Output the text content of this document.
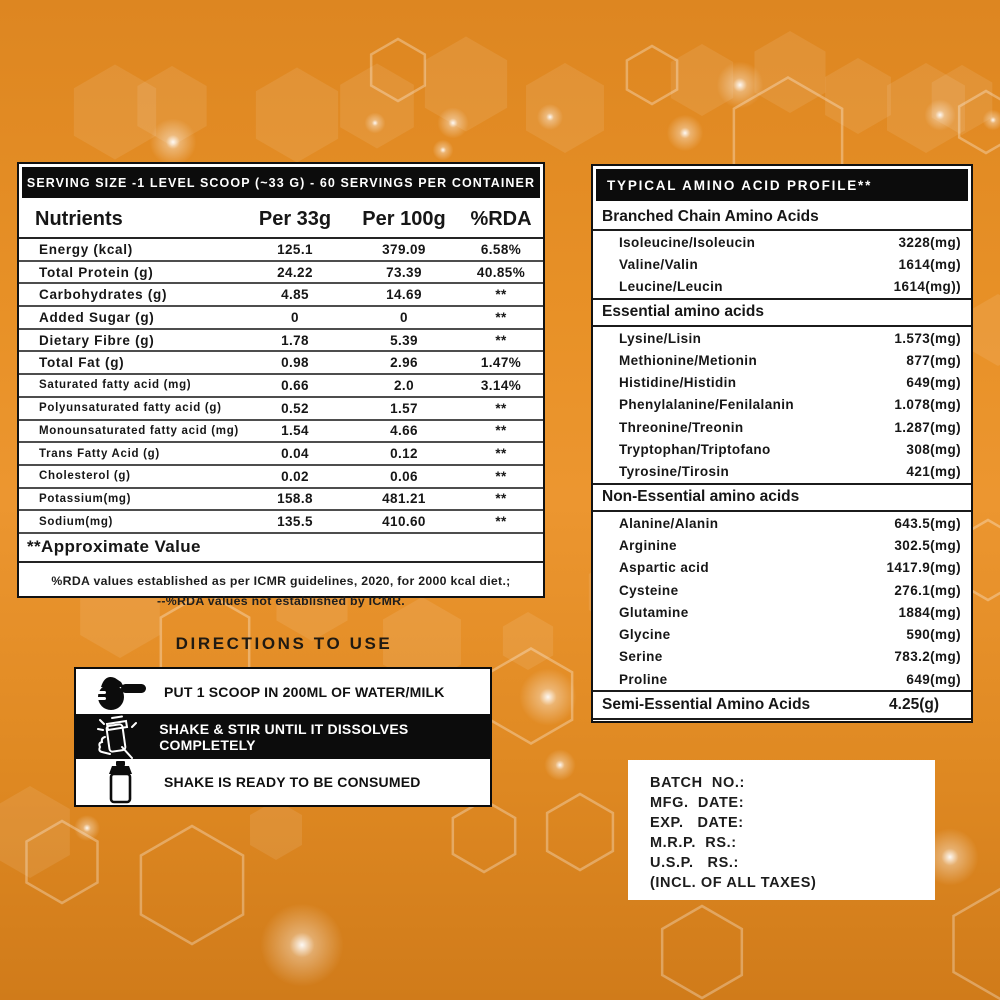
SERVING SIZE -1 LEVEL SCOOP (~33 G) - 60 SERVINGS PER CONTAINER
Nutrients	Per 33g	Per 100g	%RDA
Energy (kcal)	125.1	379.09	6.58%
Total Protein (g)	24.22	73.39	40.85%
Carbohydrates (g)	4.85	14.69	**
Added Sugar (g)	0	0	**
Dietary Fibre (g)	1.78	5.39	**
Total Fat (g)	0.98	2.96	1.47%
Saturated fatty acid (mg)	0.66	2.0	3.14%
Polyunsaturated fatty acid (g)	0.52	1.57	**
Monounsaturated fatty acid (mg)	1.54	4.66	**
Trans Fatty Acid (g)	0.04	0.12	**
Cholesterol (g)	0.02	0.06	**
Potassium(mg)	158.8	481.21	**
Sodium(mg)	135.5	410.60	**
**Approximate Value
%RDA values established as per ICMR guidelines, 2020, for 2000 kcal diet.;
--%RDA values not established by ICMR.
TYPICAL AMINO ACID PROFILE**
Branched Chain Amino Acids
Isoleucine/Isoleucin	3228(mg)
Valine/Valin	1614(mg)
Leucine/Leucin	1614(mg))
Essential amino acids
Lysine/Lisin	1.573(mg)
Methionine/Metionin	877(mg)
Histidine/Histidin	649(mg)
Phenylalanine/Fenilalanin	1.078(mg)
Threonine/Treonin	1.287(mg)
Tryptophan/Triptofano	308(mg)
Tyrosine/Tirosin	421(mg)
Non-Essential amino acids
Alanine/Alanin	643.5(mg)
Arginine	302.5(mg)
Aspartic acid	1417.9(mg)
Cysteine	276.1(mg)
Glutamine	1884(mg)
Glycine	590(mg)
Serine	783.2(mg)
Proline	649(mg)
Semi-Essential Amino Acids	4.25(g)
DIRECTIONS TO USE
PUT 1 SCOOP IN 200ML OF WATER/MILK
SHAKE & STIR UNTIL IT DISSOLVES COMPLETELY
SHAKE IS READY TO BE CONSUMED	BATCH  NO.:
MFG.  DATE:
EXP.   DATE:
M.R.P.  RS.:
U.S.P.   RS.:
(INCL. OF ALL TAXES)
